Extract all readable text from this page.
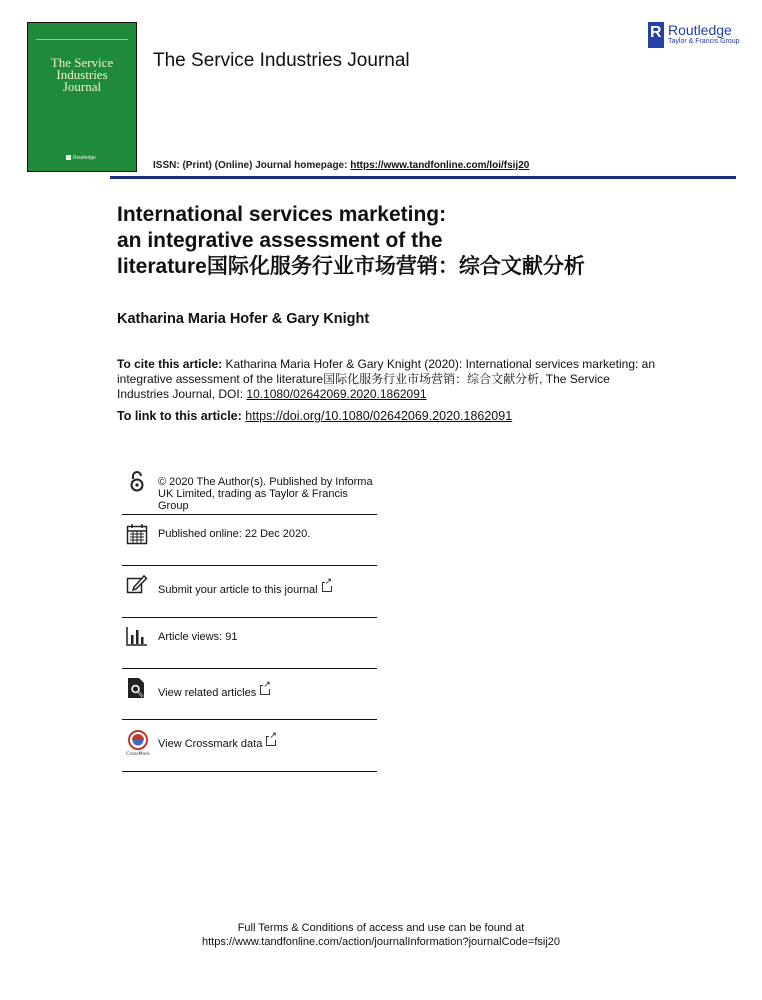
The Service
Industries
Journal
Routledge
The Service Industries Journal
ISSN: (Print) (Online) Journal homepage: https://www.tandfonline.com/loi/fsij20
R
Routledge
Taylor & Francis Group
International services marketing:
an integrative assessment of the
literature国际化服务行业市场营销：综合文献分析
Katharina Maria Hofer & Gary Knight
To cite this article: Katharina Maria Hofer & Gary Knight (2020): International services marketing: an integrative assessment of the literature国际化服务行业市场营销：综合文献分析, The Service Industries Journal, DOI: 10.1080/02642069.2020.1862091
To link to this article: https://doi.org/10.1080/02642069.2020.1862091
© 2020 The Author(s). Published by Informa UK Limited, trading as Taylor & Francis Group
Published online: 22 Dec 2020.
Submit your article to this journal↗
Article views: 91
View related articles↗
CrossMark
View Crossmark data↗
Full Terms & Conditions of access and use can be found at
https://www.tandfonline.com/action/journalInformation?journalCode=fsij20
